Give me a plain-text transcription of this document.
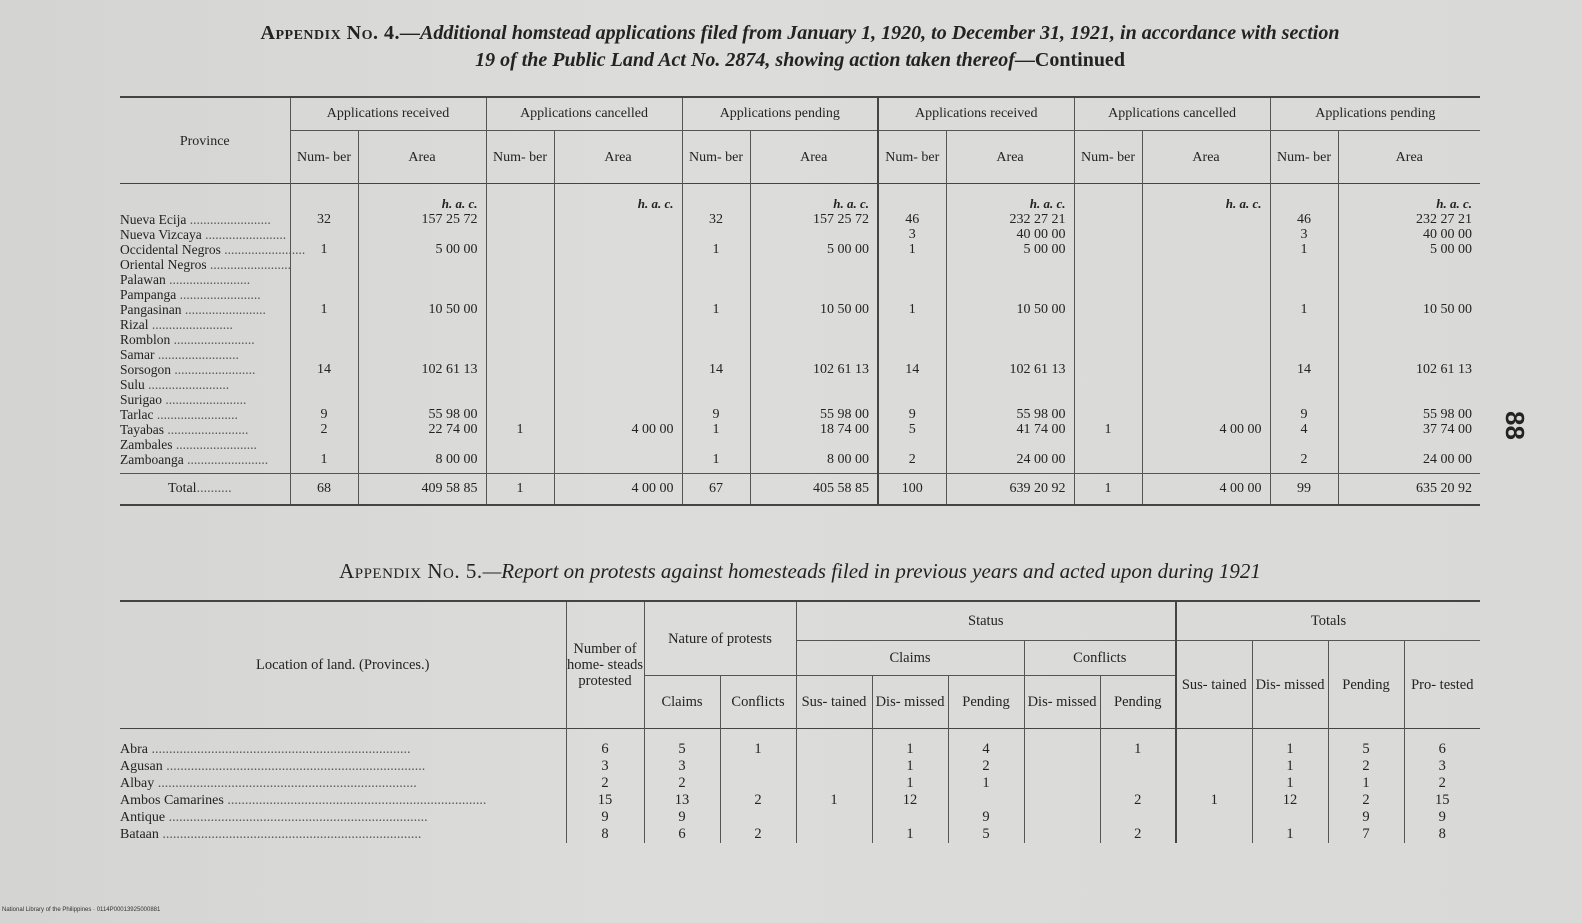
Appendix No. 4.—Additional homstead applications filed from January 1, 1920, to December 31, 1921, in accordance with section
19 of the Public Land Act No. 2874, showing action taken thereof—Continued
Province	Applications received		Applications cancelled		Applications pending		Applications received		Applications cancelled		Applications pending	
	Num- ber	Area	Num- ber	Area	Num- ber	Area	Num- ber	Area	Num- ber	Area	Num- ber	Area
		h. a. c.		h. a. c.		h. a. c.		h. a. c.		h. a. c.		h. a. c.
Nueva Ecija ........................	32	157 25 72			32	157 25 72	46	232 27 21			46	232 27 21
Nueva Vizcaya ........................							3	40 00 00			3	40 00 00
Occidental Negros ........................	1	5 00 00			1	5 00 00	1	5 00 00			1	5 00 00
Oriental Negros ........................												
Palawan ........................												
Pampanga ........................												
Pangasinan ........................	1	10 50 00			1	10 50 00	1	10 50 00			1	10 50 00
Rizal ........................												
Romblon ........................												
Samar ........................												
Sorsogon ........................	14	102 61 13			14	102 61 13	14	102 61 13			14	102 61 13
Sulu ........................												
Surigao ........................												
Tarlac ........................	9	55 98 00			9	55 98 00	9	55 98 00			9	55 98 00
Tayabas ........................	2	22 74 00	1	4 00 00	1	18 74 00	5	41 74 00	1	4 00 00	4	37 74 00
Zambales ........................												
Zamboanga ........................	1	8 00 00			1	8 00 00	2	24 00 00			2	24 00 00

Total..........	68	409 58 85	1	4 00 00	67	405 58 85	100	639 20 92	1	4 00 00	99	635 20 92
Appendix No. 5.—Report on protests against homesteads filed in previous years and acted upon during 1921
Location of land. (Provinces.)	Number of home- steads protested	Nature of protests		Status					Totals			
				Claims			Conflicts		Sus- tained	Dis- missed	Pending	Pro- tested
		Claims	Conflicts	Sus- tained	Dis- missed	Pending	Dis- missed	Pending				

Abra ..........................................................................	6	5	1		1	4		1		1	5	6
Agusan ..........................................................................	3	3			1	2				1	2	3
Albay ..........................................................................	2	2			1	1				1	1	2
Ambos Camarines ..........................................................................	15	13	2	1	12			2	1	12	2	15
Antique ..........................................................................	9	9				9					9	9
Bataan ..........................................................................	8	6	2		1	5		2		1	7	8
88
National Library of the Philippines · 0114P00013925000881
